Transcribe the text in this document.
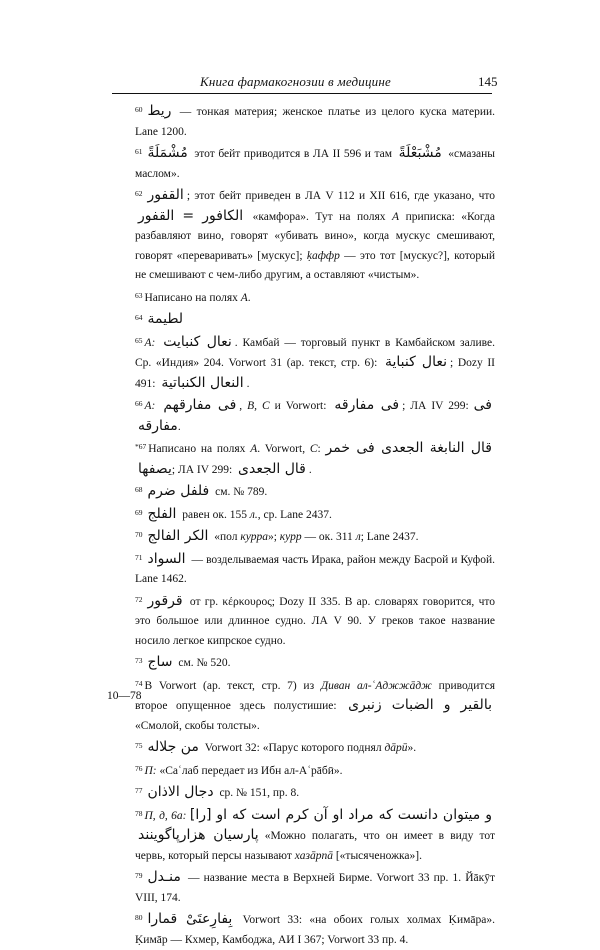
Книга фармакогнозии в медицине	145
$^{60}$ ريط — тонкая материя; женское платье из целого куска материи. Lane 1200.
$^{61}$ مُشْمَلَةً этот бейт приводится в ЛА II 596 и там مُشْبَعْلَةً «смазаны маслом».
$^{62}$ القفور ; этот бейт приведен в ЛА V 112 и XII 616, где указано, что الكافور = القفور «камфора». Тут на полях A приписка: «Когда разбавляют вино, говорят «убивать вино», когда мускус смешивают, говорят «переваривать» [мускус]; ḳаффр — это тот [мускус?], который не смешивают с чем-либо другим, а оставляют «чистым».
$^{63}$ Написано на полях A.
$^{64}$ لطيمة
$^{65}$ A: نعال كنبايت . Камбай — торговый пункт в Камбайском заливе. Ср. «Индия» 204. Vorwort 31 (ар. текст, стр. 6): نعال كنباية ; Dozy II 491: النعال الكنباتية .
$^{66}$ A: فى مفارقهم , B, C и Vorwort: فى مفارقه ; ЛА IV 299: فى مفارقه.
$^{*67}$ Написано на полях A. Vorwort, C: قال النابغة الجعدى فى خمر يصفها; ЛА IV 299: قال الجعدى .
$^{68}$ فلفل ضرم см. № 789.
$^{69}$ الفلج равен ок. 155 л., ср. Lane 2437.
$^{70}$ الكر الفالج «пол курра»; курр — ок. 311 л; Lane 2437.
$^{71}$ السواد — возделываемая часть Ирака, район между Басрой и Куфой. Lane 1462.
$^{72}$ قرقور от гр. κέρκουρος; Dozy II 335. В ар. словарях говорится, что это большое или длинное судно. ЛА V 90. У греков такое название носило легкое кипрское судно.
$^{73}$ ساج см. № 520.
$^{74}$ В Vorwort (ар. текст, стр. 7) из Диван ал-ʿАджжāдж приводится второе опущенное здесь полустишие: بالقير و الضبات زنبرى «Смолой, скобы толсты».
$^{75}$ من جلاله Vorwort 32: «Парус которого поднял дāрӣ».
$^{76}$ П: «Саʿлаб передает из Ибн ал-Аʿрāбӣ».
$^{77}$ دجال الاذان ср. № 151, пр. 8.
$^{78}$ П, д, 6а: و ميتوان دانست كه مراد او آن كرم است كه او [را] پارسيان هزارپاگوينند «Можно полагать, что он имеет в виду тот червь, который персы называют хазāрпā [«тысяченожка»].
$^{79}$ منـدل — название места в Верхней Бирме. Vorwort 33 пр. 1. Йāкӯт VIII, 174.
$^{80}$ بِفارِعتَىْ قمارا Vorwort 33: «на обоих голых холмах Ḳимāра». Ḳимāр — Кхмер, Камбоджа, АИ I 367; Vorwort 33 пр. 4.
10—78
